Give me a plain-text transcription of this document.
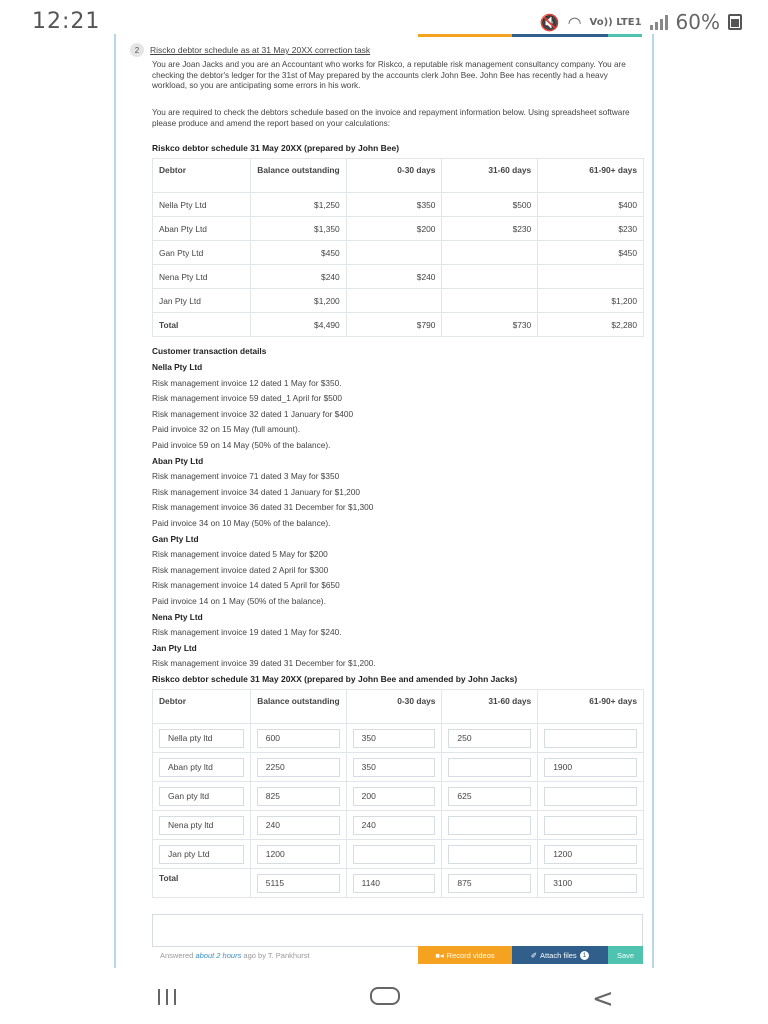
12:21	🔇 ◠ Vo)) LTE1 60%
2	Riscko debtor schedule as at 31 May 20XX correction task
You are Joan Jacks and you are an Accountant who works for Riskco, a reputable risk management consultancy company. You are checking the debtor's ledger for the 31st of May prepared by the accounts clerk John Bee. John Bee has recently had a heavy workload, so you are anticipating some errors in his work.
You are required to check the debtors schedule based on the invoice and repayment information below. Using spreadsheet software please produce and amend the report based on your calculations:
Riskco debtor schedule 31 May 20XX (prepared by John Bee)
Debtor	Balance outstanding	0-30 days	31-60 days	61-90+ days
Nella Pty Ltd	$1,250	$350	$500	$400
Aban Pty Ltd	$1,350	$200	$230	$230
Gan Pty Ltd	$450			$450
Nena Pty Ltd	$240	$240		
Jan Pty Ltd	$1,200			$1,200
Total	$4,490	$790	$730	$2,280
Customer transaction details
Nella Pty Ltd
Risk management invoice 12 dated 1 May for $350.
Risk management invoice 59 dated_1 April for $500
Risk management invoice 32 dated 1 January for $400
Paid invoice 32 on 15 May (full amount).
Paid invoice 59 on 14 May (50% of the balance).
Aban Pty Ltd
Risk management invoice 71 dated 3 May for $350
Risk management invoice 34 dated 1 January for $1,200
Risk management invoice 36 dated 31 December for $1,300
Paid invoice 34 on 10 May (50% of the balance).
Gan Pty Ltd
Risk management invoice dated 5 May for $200
Risk management invoice dated 2 April for $300
Risk management invoice 14 dated 5 April for $650
Paid invoice 14 on 1 May (50% of the balance).
Nena Pty Ltd
Risk management invoice 19 dated 1 May for $240.
Jan Pty Ltd
Risk management invoice 39 dated 31 December for $1,200.
Riskco debtor schedule 31 May 20XX (prepared by John Bee and amended by John Jacks)
Debtor	Balance outstanding	0-30 days	31-60 days	61-90+ days

Nella pty ltd	600	350	250	

Aban pty ltd	2250	350		1900

Gan pty ltd	825	200	625	

Nena pty ltd	240	240		

Jan pty Ltd	1200			1200

Total	5115	1140	875	3100
Answered about 2 hours ago by T. Pankhurst	■◂ Record videos	✐ Attach files 1	Save
<
